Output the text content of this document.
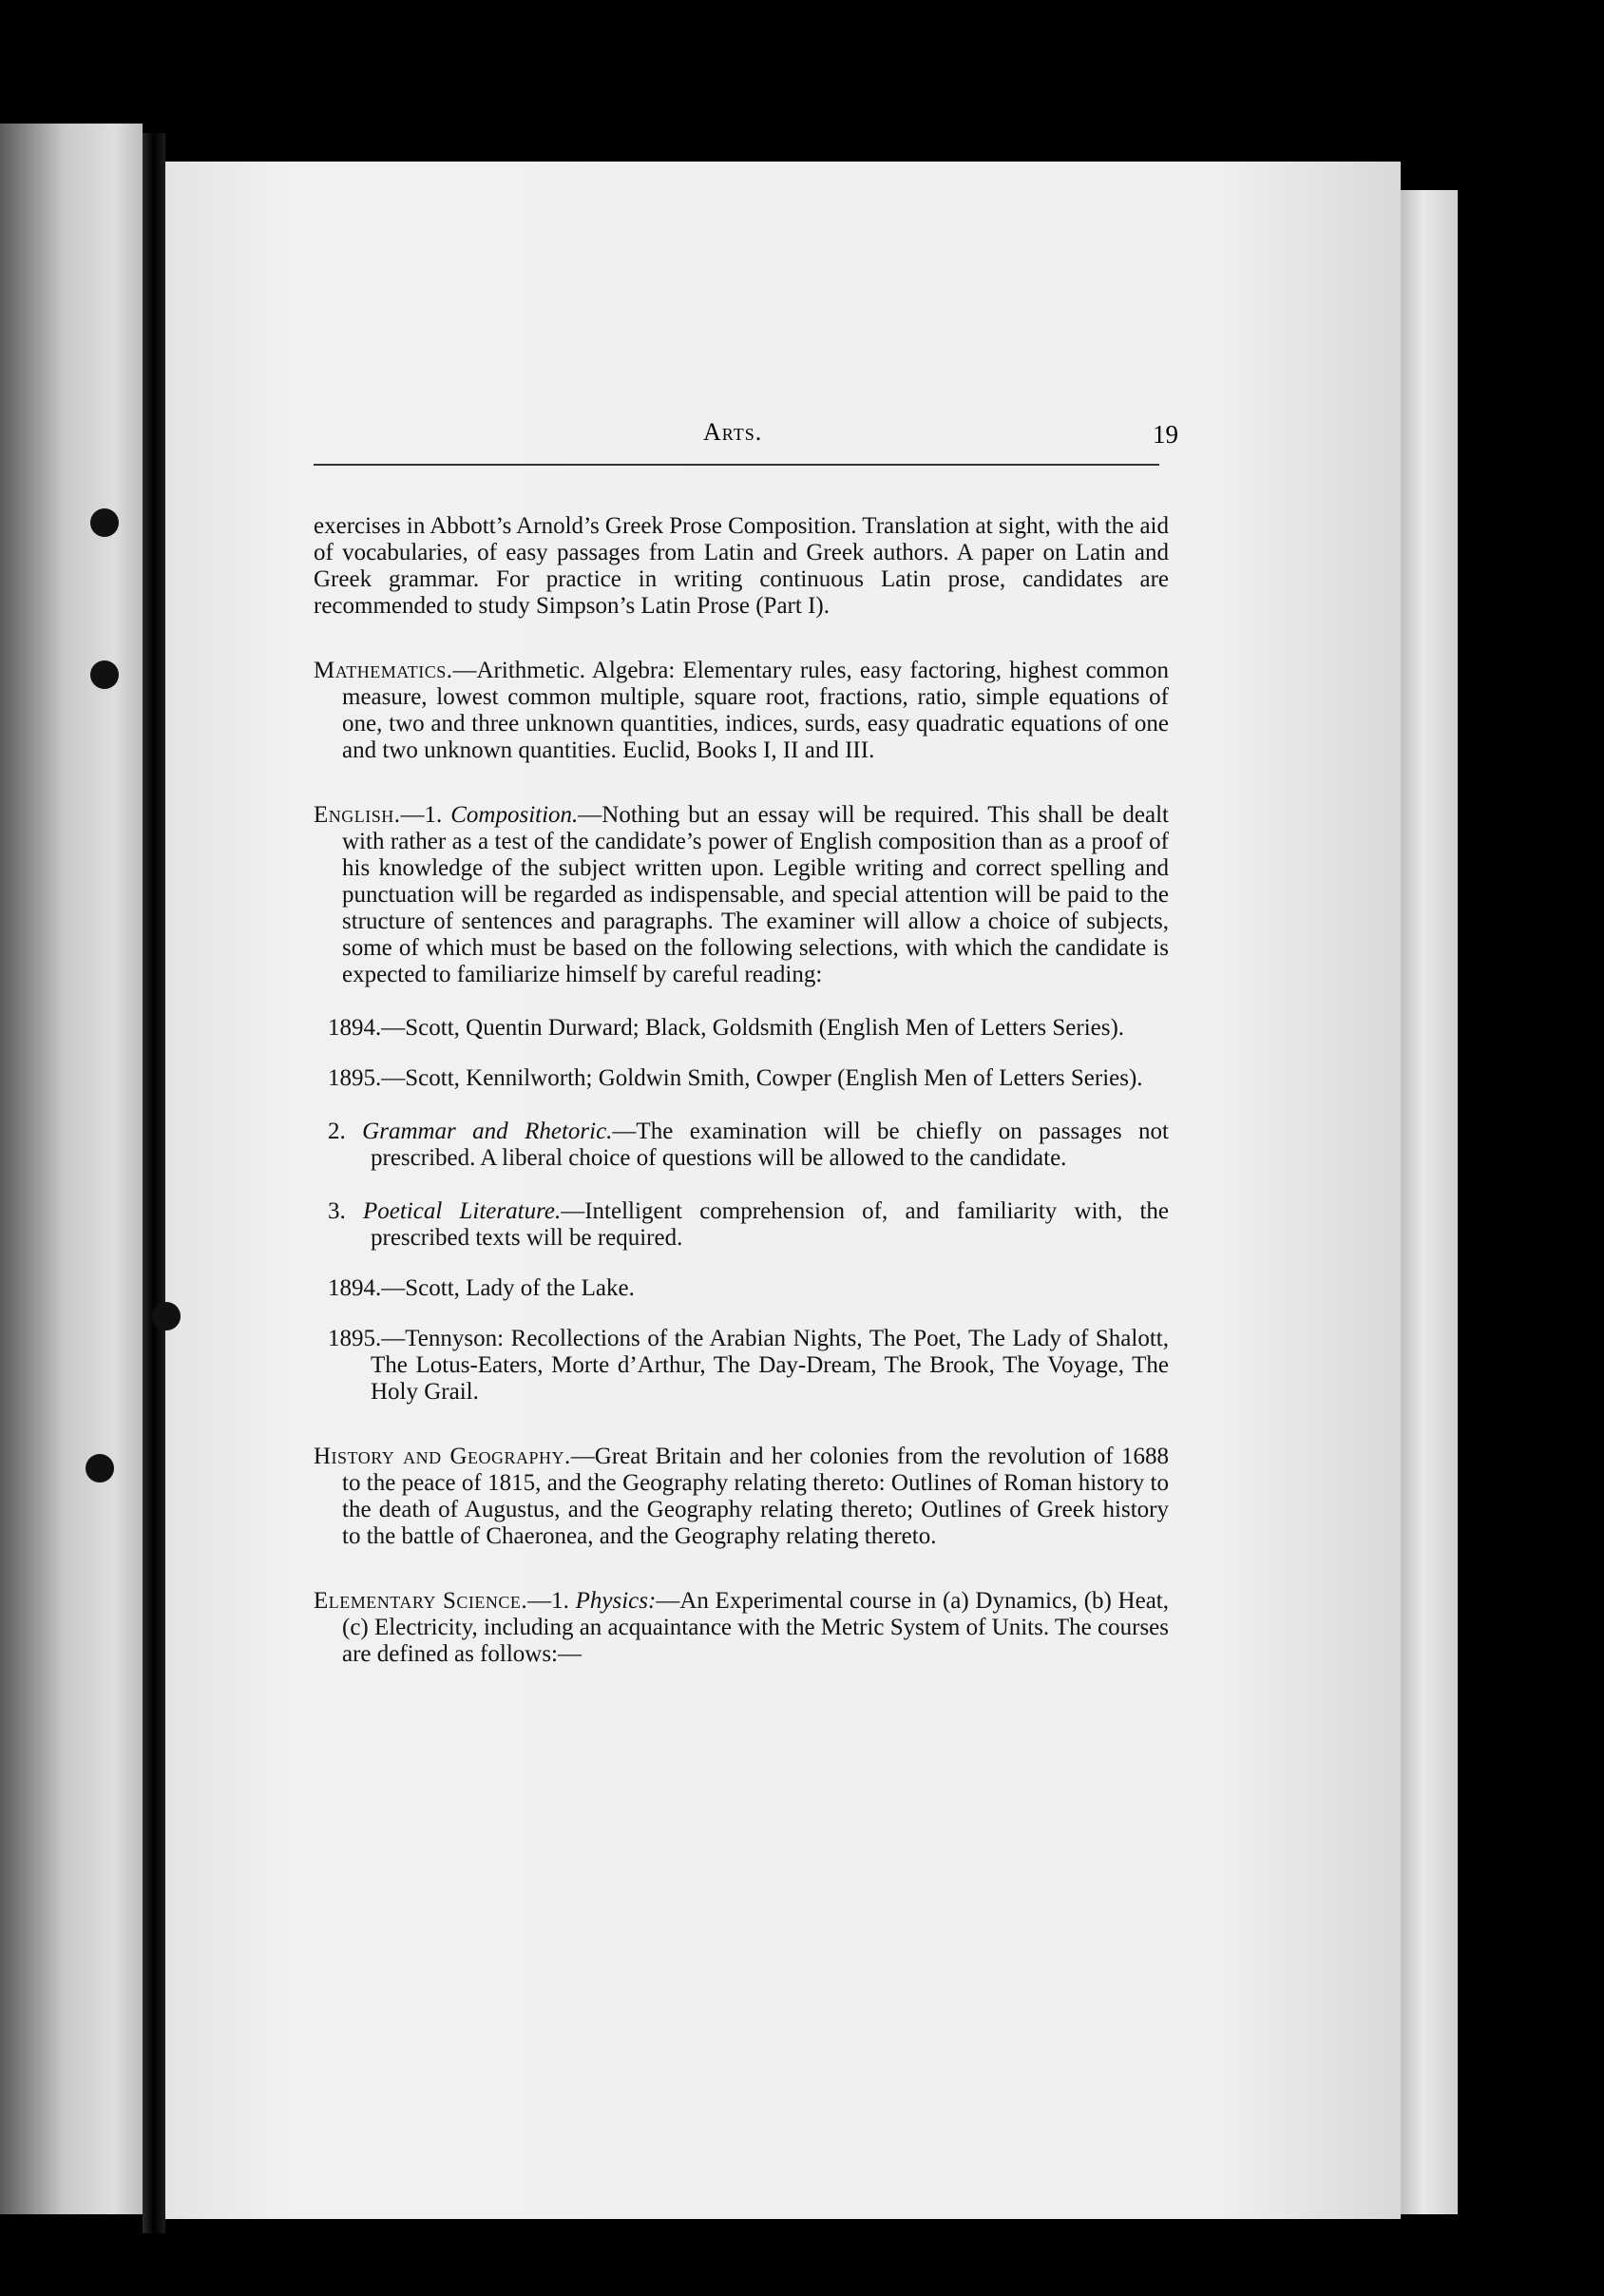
Arts.	19

exercises in Abbott’s Arnold’s Greek Prose Composition. Translation at sight, with the aid of vocabularies, of easy passages from Latin and Greek authors. A paper on Latin and Greek grammar. For practice in writing continuous Latin prose, candidates are recommended to study Simpson’s Latin Prose (Part I).

Mathematics.—Arithmetic. Algebra: Elementary rules, easy factoring, highest common measure, lowest common multiple, square root, fractions, ratio, simple equations of one, two and three unknown quantities, indices, surds, easy quadratic equations of one and two unknown quantities. Euclid, Books I, II and III.

English.—1. Composition.—Nothing but an essay will be required. This shall be dealt with rather as a test of the candidate’s power of English composition than as a proof of his knowledge of the subject written upon. Legible writing and correct spelling and punctuation will be regarded as indispensable, and special attention will be paid to the structure of sentences and paragraphs. The examiner will allow a choice of subjects, some of which must be based on the following selections, with which the candidate is expected to familiarize himself by careful reading:

1894.—Scott, Quentin Durward; Black, Goldsmith (English Men of Letters Series).

1895.—Scott, Kennilworth; Goldwin Smith, Cowper (English Men of Letters Series).

2. Grammar and Rhetoric.—The examination will be chiefly on passages not prescribed. A liberal choice of questions will be allowed to the candidate.

3. Poetical Literature.—Intelligent comprehension of, and familiarity with, the prescribed texts will be required.

1894.—Scott, Lady of the Lake.

1895.—Tennyson: Recollections of the Arabian Nights, The Poet, The Lady of Shalott, The Lotus-Eaters, Morte d’Arthur, The Day-Dream, The Brook, The Voyage, The Holy Grail.

History and Geography.—Great Britain and her colonies from the revolution of 1688 to the peace of 1815, and the Geography relating thereto: Outlines of Roman history to the death of Augustus, and the Geography relating thereto; Outlines of Greek history to the battle of Chaeronea, and the Geography relating thereto.

Elementary Science.—1. Physics:—An Experimental course in (a) Dynamics, (b) Heat, (c) Electricity, including an acquaintance with the Metric System of Units. The courses are defined as follows:—
